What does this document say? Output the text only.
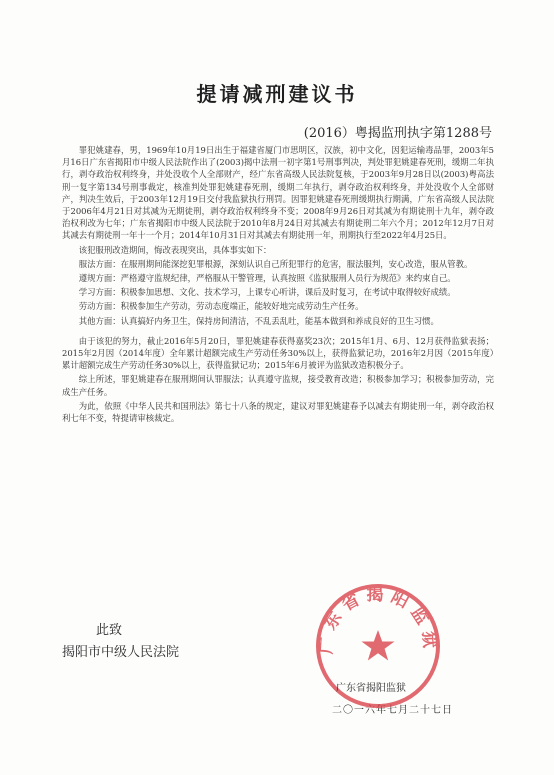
提请减刑建议书
(2016）粤揭监刑执字第1288号

罪犯姚建春，男，1969年10月19日出生于福建省厦门市思明区，汉族，初中文化，因犯运输毒品罪，2003年5月16日广东省揭阳市中级人民法院作出了(2003)揭中法刑一初字第1号刑事判决，判处罪犯姚建春死刑，缓期二年执行，剥夺政治权利终身，并处没收个人全部财产，经广东省高级人民法院复核，于2003年9月28日以(2003)粤高法刑一复字第134号刑事裁定，核准判处罪犯姚建春死刑，缓期二年执行，剥夺政治权利终身，并处没收个人全部财产，判决生效后，于2003年12月19日交付我监狱执行刑罚。因罪犯姚建春死刑缓期执行期满，广东省高级人民法院于2006年4月21日对其减为无期徒刑，剥夺政治权利终身不变；2008年9月26日对其减为有期徒刑十九年，剥夺政治权利改为七年；广东省揭阳市中级人民法院于2010年8月24日对其减去有期徒刑二年六个月；2012年12月7日对其减去有期徒刑一年十一个月；2014年10月31日对其减去有期徒刑一年，刑期执行至2022年4月25日。

该犯服刑改造期间，悔改表现突出，具体事实如下：

服法方面：在服刑期间能深挖犯罪根源，深刻认识自己所犯罪行的危害，服法服判，安心改造，服从管教。

遵规方面：严格遵守监规纪律，严格服从干警管理，认真按照《监狱服刑人员行为规范》来约束自己。

学习方面：积极参加思想、文化、技术学习，上课专心听讲，课后及时复习，在考试中取得较好成绩。

劳动方面：积极参加生产劳动，劳动态度端正，能较好地完成劳动生产任务。

其他方面：认真搞好内务卫生，保持房间清洁，不乱丢乱吐，能基本做到和养成良好的卫生习惯。

由于该犯的努力，截止2016年5月20日，罪犯姚建春获得嘉奖23次；2015年1月、6月、12月获得监狱表扬；2015年2月因（2014年度）全年累计超额完成生产劳动任务30%以上，获得监狱记功，2016年2月因（2015年度）累计超额完成生产劳动任务30%以上，获得监狱记功；2015年6月被评为监狱改造积极分子。

综上所述，罪犯姚建春在服刑期间认罪服法；认真遵守监规，接受教育改造；积极参加学习；积极参加劳动，完成生产任务。

为此，依照《中华人民共和国刑法》第七十八条的规定，建议对罪犯姚建春予以减去有期徒刑一年，剥夺政治权利七年不变，特提请审核裁定。

此致
揭阳市中级人民法院	广东省揭阳监狱
广东省揭阳监狱
二〇一六年七月二十七日
